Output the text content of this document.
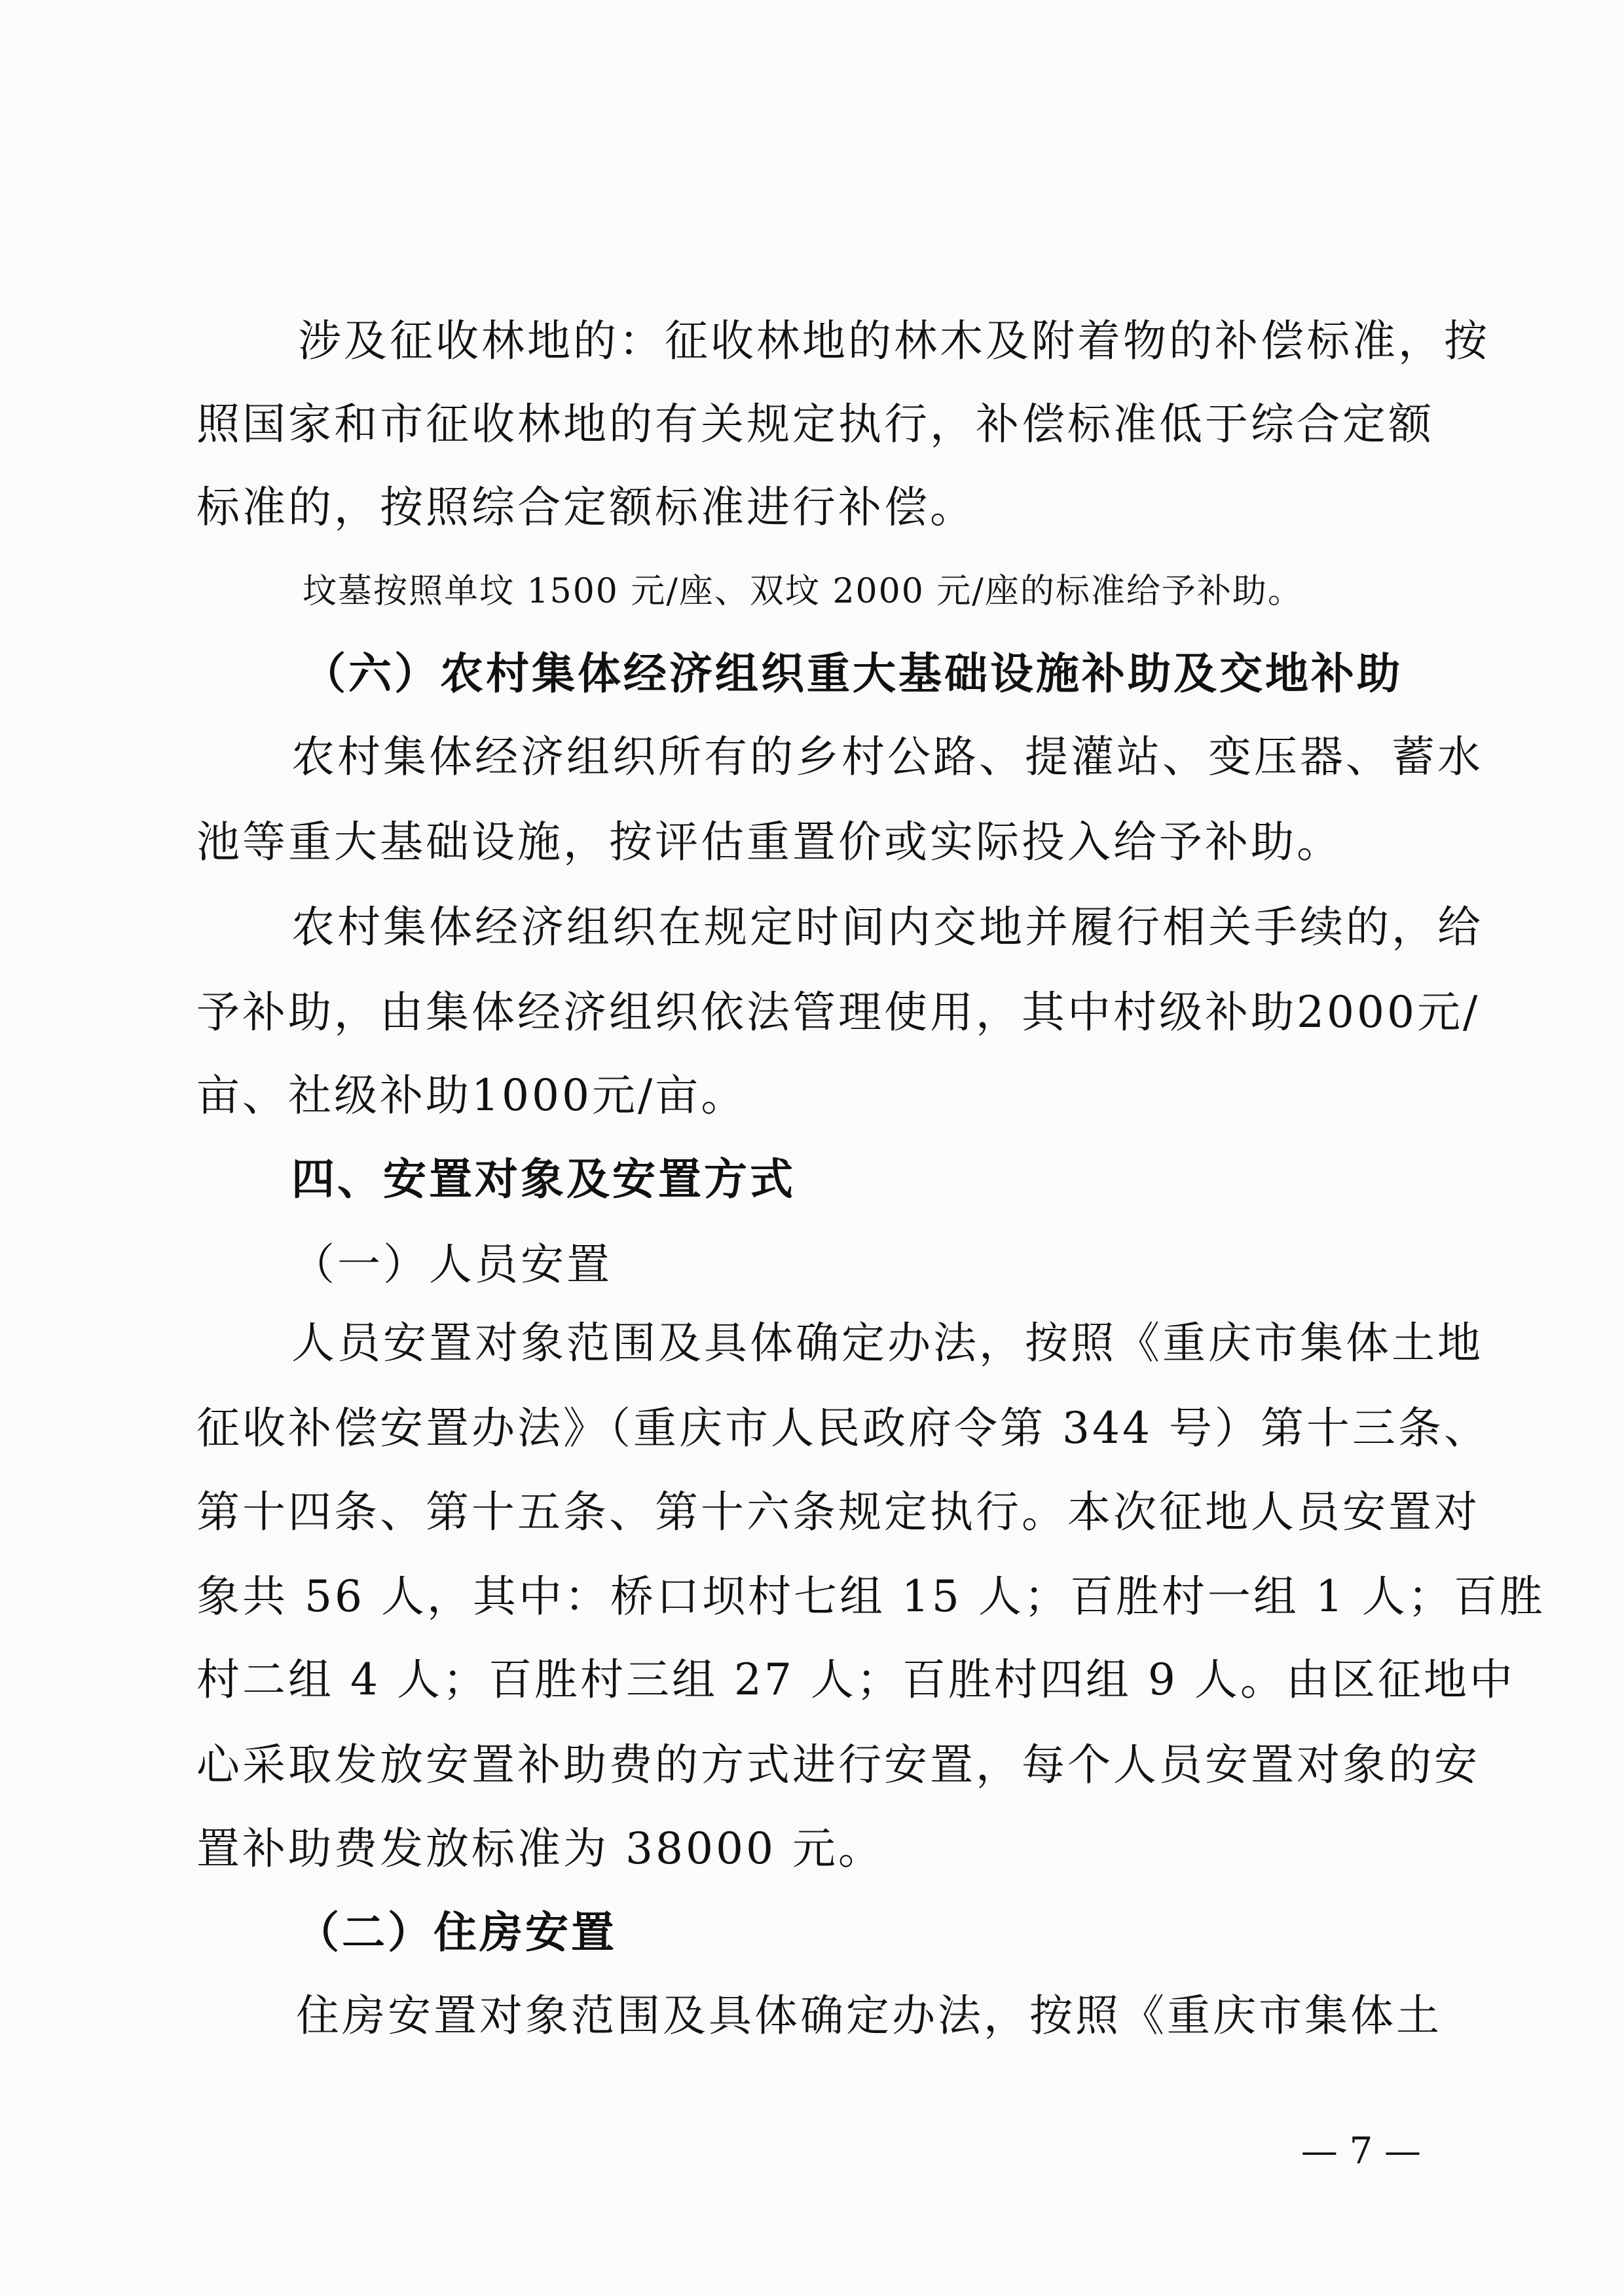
涉及征收林地的：征收林地的林木及附着物的补偿标准，按
照国家和市征收林地的有关规定执行，补偿标准低于综合定额
标准的，按照综合定额标准进行补偿。
坟墓按照单坟 1500 元/座、双坟 2000 元/座的标准给予补助。
（六）农村集体经济组织重大基础设施补助及交地补助
农村集体经济组织所有的乡村公路、提灌站、变压器、蓄水
池等重大基础设施，按评估重置价或实际投入给予补助。
农村集体经济组织在规定时间内交地并履行相关手续的，给
予补助，由集体经济组织依法管理使用，其中村级补助2000元/
亩、社级补助1000元/亩。
四、安置对象及安置方式
（一）人员安置
人员安置对象范围及具体确定办法，按照《重庆市集体土地
征收补偿安置办法》（重庆市人民政府令第 344 号）第十三条、
第十四条、第十五条、第十六条规定执行。本次征地人员安置对
象共 56 人，其中：桥口坝村七组 15 人；百胜村一组 1 人；百胜
村二组 4 人；百胜村三组 27 人；百胜村四组 9 人。由区征地中
心采取发放安置补助费的方式进行安置，每个人员安置对象的安
置补助费发放标准为 38000 元。
（二）住房安置
住房安置对象范围及具体确定办法，按照《重庆市集体土
— 7 —
